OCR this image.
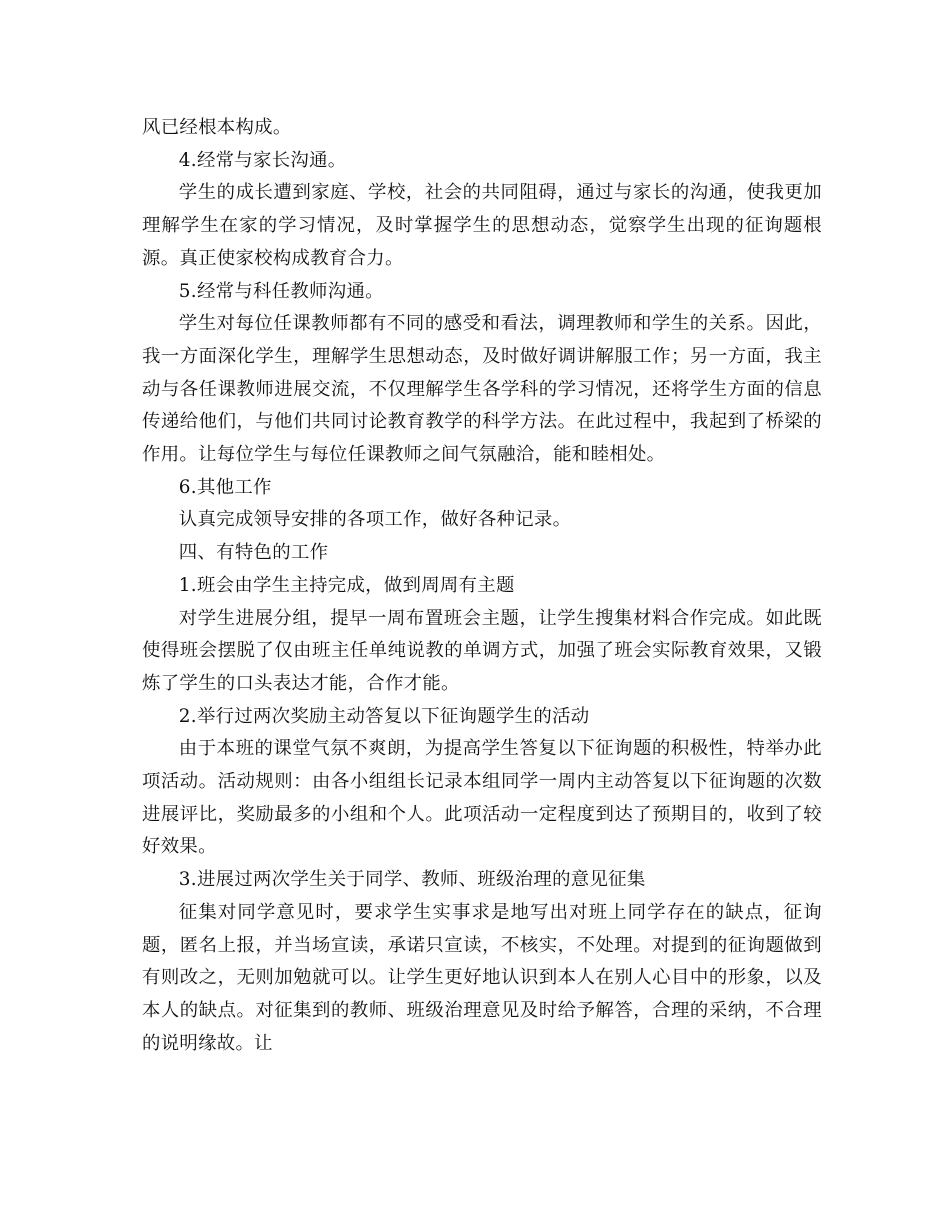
风已经根本构成。

4.经常与家长沟通。

学生的成长遭到家庭、学校，社会的共同阻碍，通过与家长的沟通，使我更加理解学生在家的学习情况，及时掌握学生的思想动态，觉察学生出现的征询题根源。真正使家校构成教育合力。

5.经常与科任教师沟通。

学生对每位任课教师都有不同的感受和看法，调理教师和学生的关系。因此，我一方面深化学生，理解学生思想动态，及时做好调讲解服工作；另一方面，我主动与各任课教师进展交流，不仅理解学生各学科的学习情况，还将学生方面的信息传递给他们，与他们共同讨论教育教学的科学方法。在此过程中，我起到了桥梁的作用。让每位学生与每位任课教师之间气氛融洽，能和睦相处。

6.其他工作

认真完成领导安排的各项工作，做好各种记录。

四、有特色的工作

1.班会由学生主持完成，做到周周有主题

对学生进展分组，提早一周布置班会主题，让学生搜集材料合作完成。如此既使得班会摆脱了仅由班主任单纯说教的单调方式，加强了班会实际教育效果，又锻炼了学生的口头表达才能，合作才能。

2.举行过两次奖励主动答复以下征询题学生的活动

由于本班的课堂气氛不爽朗，为提高学生答复以下征询题的积极性，特举办此项活动。活动规则：由各小组组长记录本组同学一周内主动答复以下征询题的次数进展评比，奖励最多的小组和个人。此项活动一定程度到达了预期目的，收到了较好效果。

3.进展过两次学生关于同学、教师、班级治理的意见征集

征集对同学意见时，要求学生实事求是地写出对班上同学存在的缺点，征询题，匿名上报，并当场宣读，承诺只宣读，不核实，不处理。对提到的征询题做到有则改之，无则加勉就可以。让学生更好地认识到本人在别人心目中的形象，以及本人的缺点。对征集到的教师、班级治理意见及时给予解答，合理的采纳，不合理的说明缘故。让
